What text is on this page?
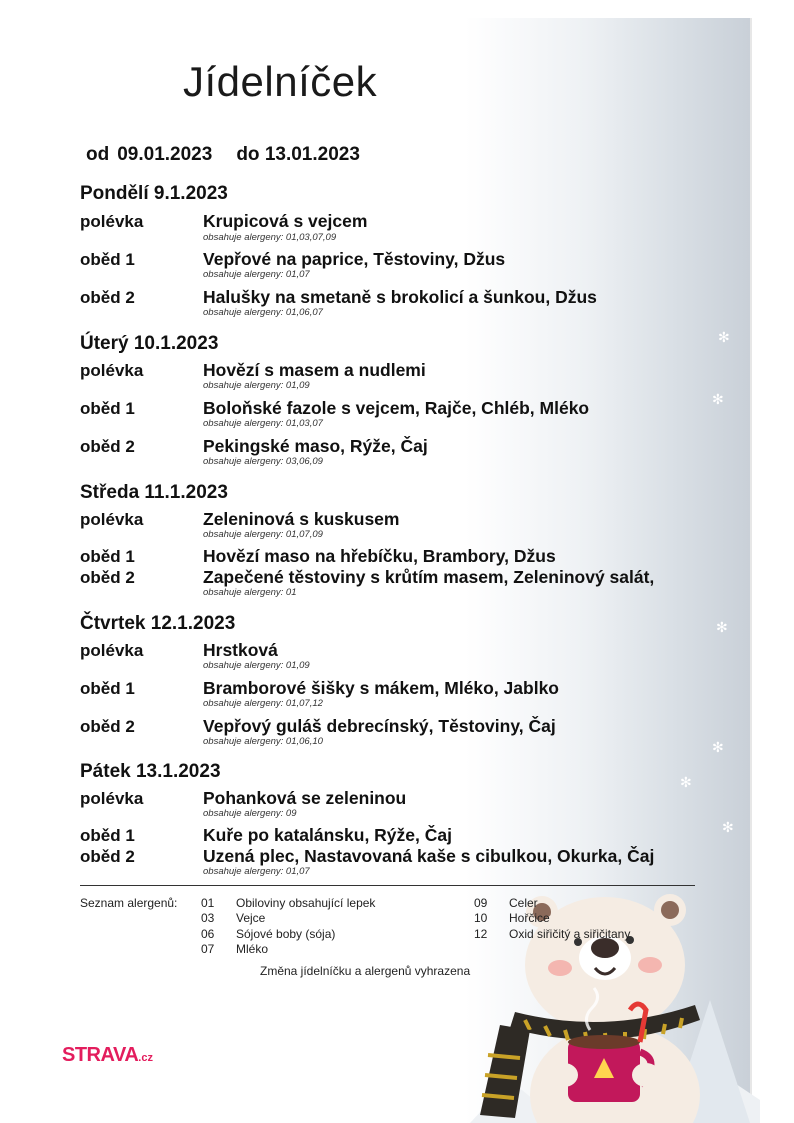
✻
✻
✻
✻
✻
✻
Jídelníček
od 09.01.2023 do 13.01.2023
Pondělí 9.1.2023
polévka	Krupicová s vejcem
obsahuje alergeny: 01,03,07,09
oběd 1	Vepřové na paprice, Těstoviny, Džus
obsahuje alergeny: 01,07
oběd 2	Halušky na smetaně s brokolicí a šunkou, Džus
obsahuje alergeny: 01,06,07
Úterý 10.1.2023
polévka	Hovězí s masem a nudlemi
obsahuje alergeny: 01,09
oběd 1	Boloňské fazole s vejcem, Rajče, Chléb, Mléko
obsahuje alergeny: 01,03,07
oběd 2	Pekingské maso, Rýže, Čaj
obsahuje alergeny: 03,06,09
Středa 11.1.2023
polévka	Zeleninová s kuskusem
obsahuje alergeny: 01,07,09
oběd 1	Hovězí maso na hřebíčku, Brambory, Džus
oběd 2	Zapečené těstoviny s krůtím masem, Zeleninový salát,
obsahuje alergeny: 01
Čtvrtek 12.1.2023
polévka	Hrstková
obsahuje alergeny: 01,09
oběd 1	Bramborové šišky s mákem, Mléko, Jablko
obsahuje alergeny: 01,07,12
oběd 2	Vepřový guláš debrecínský, Těstoviny, Čaj
obsahuje alergeny: 01,06,10
Pátek 13.1.2023
polévka	Pohanková se zeleninou
obsahuje alergeny: 09
oběd 1	Kuře po katalánsku, Rýže, Čaj
oběd 2	Uzená plec, Nastavovaná kaše s cibulkou, Okurka, Čaj
obsahuje alergeny: 01,07
Seznam alergenů: 01 Obiloviny obsahující lepek
03 Vejce
06 Sójové boby (sója)
07 Mléko
09 Celer
10 Hořčice
12 Oxid siřičitý a siřičitany
Změna jídelníčku a alergenů vyhrazena
STRAVA.cz
